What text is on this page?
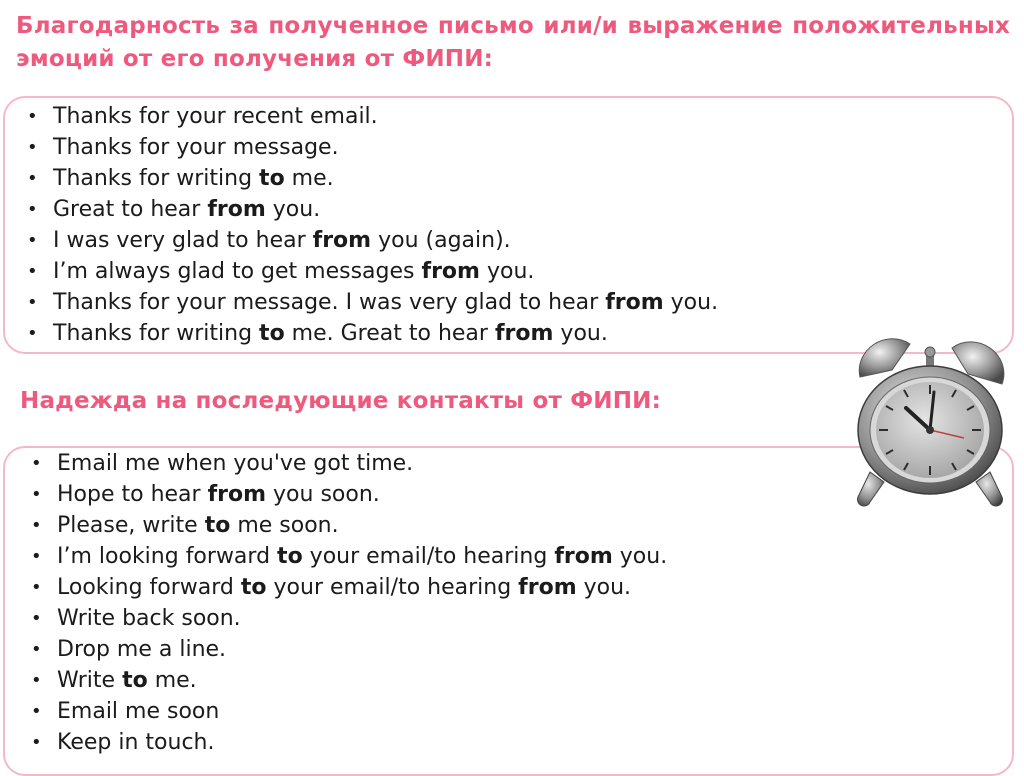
Благодарность за полученное письмо или/и выражение положительных эмоций от его получения от ФИПИ:
• Thanks for your recent email.
• Thanks for your message.
• Thanks for writing to me.
• Great to hear from you.
• I was very glad to hear from you (again).
• I’m always glad to get messages from you.
• Thanks for your message. I was very glad to hear from you.
• Thanks for writing to me. Great to hear from you.
Надежда на последующие контакты от ФИПИ:
• Email me when you've got time.
• Hope to hear from you soon.
• Please, write to me soon.
• I’m looking forward to your email/to hearing from you.
• Looking forward to your email/to hearing from you.
• Write back soon.
• Drop me a line.
• Write to me.
• Email me soon
• Keep in touch.
